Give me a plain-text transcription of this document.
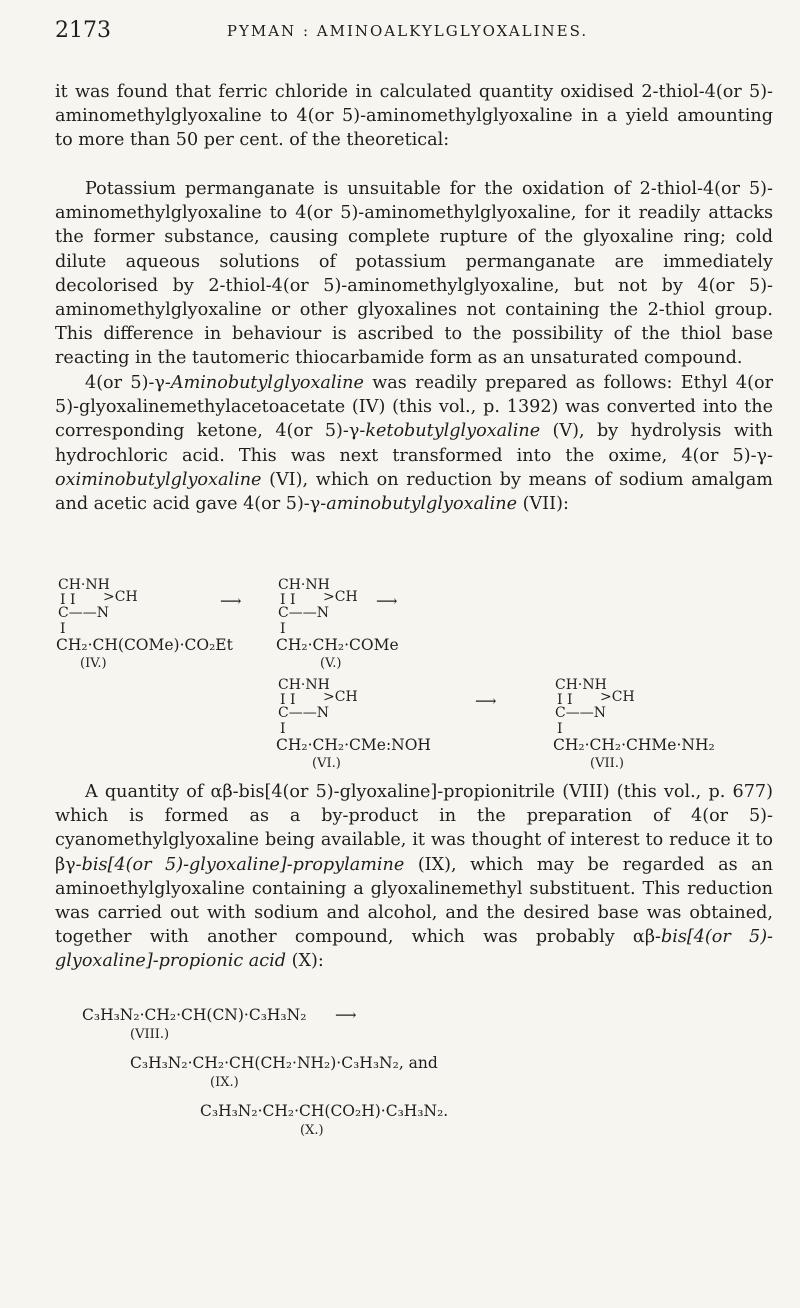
2173	PYMAN : AMINOALKYLGLYOXALINES.

it was found that ferric chloride in calculated quantity oxidised 2-thiol-4(or 5)-aminomethylglyoxaline to 4(or 5)-aminomethylglyoxaline in a yield amounting to more than 50 per cent. of the theoretical:

Potassium permanganate is unsuitable for the oxidation of 2-thiol-4(or 5)-aminomethylglyoxaline to 4(or 5)-aminomethylglyoxaline, for it readily attacks the former substance, causing complete rupture of the glyoxaline ring; cold dilute aqueous solutions of potassium permanganate are immediately decolorised by 2-thiol-4(or 5)-aminomethylglyoxaline, but not by 4(or 5)-aminomethylglyoxaline or other glyoxalines not containing the 2-thiol group. This difference in behaviour is ascribed to the possibility of the thiol base reacting in the tautomeric thiocarbamide form as an unsaturated compound.

4(or 5)-γ-Aminobutylglyoxaline was readily prepared as follows: Ethyl 4(or 5)-glyoxalinemethylacetoacetate (IV) (this vol., p. 1392) was converted into the corresponding ketone, 4(or 5)-γ-ketobutylglyoxaline (V), by hydrolysis with hydrochloric acid. This was next transformed into the oxime, 4(or 5)-γ-oximinobutylglyoxaline (VI), which on reduction by means of sodium amalgam and acetic acid gave 4(or 5)-γ-aminobutylglyoxaline (VII):

CH·NH
I I >CH
C——N
I
CH₂·CH(COMe)·CO₂Et
(IV.)
⟶
CH·NH
I I >CH
C——N
I
CH₂·CH₂·COMe
(V.)
⟶
CH·NH
I I >CH
C——N
I
CH₂·CH₂·CMe:NOH
(VI.)
⟶
CH·NH
I I >CH
C——N
I
CH₂·CH₂·CHMe·NH₂
(VII.)

A quantity of αβ-bis[4(or 5)-glyoxaline]-propionitrile (VIII) (this vol., p. 677) which is formed as a by-product in the preparation of 4(or 5)-cyanomethylglyoxaline being available, it was thought of interest to reduce it to βγ-bis[4(or 5)-glyoxaline]-propylamine (IX), which may be regarded as an aminoethylglyoxaline containing a glyoxalinemethyl substituent. This reduction was carried out with sodium and alcohol, and the desired base was obtained, together with another compound, which was probably αβ-bis[4(or 5)-glyoxaline]-propionic acid (X):

C₃H₃N₂·CH₂·CH(CN)·C₃H₃N₂ ⟶
(VIII.)
C₃H₃N₂·CH₂·CH(CH₂·NH₂)·C₃H₃N₂, and
(IX.)
C₃H₃N₂·CH₂·CH(CO₂H)·C₃H₃N₂.
(X.)
